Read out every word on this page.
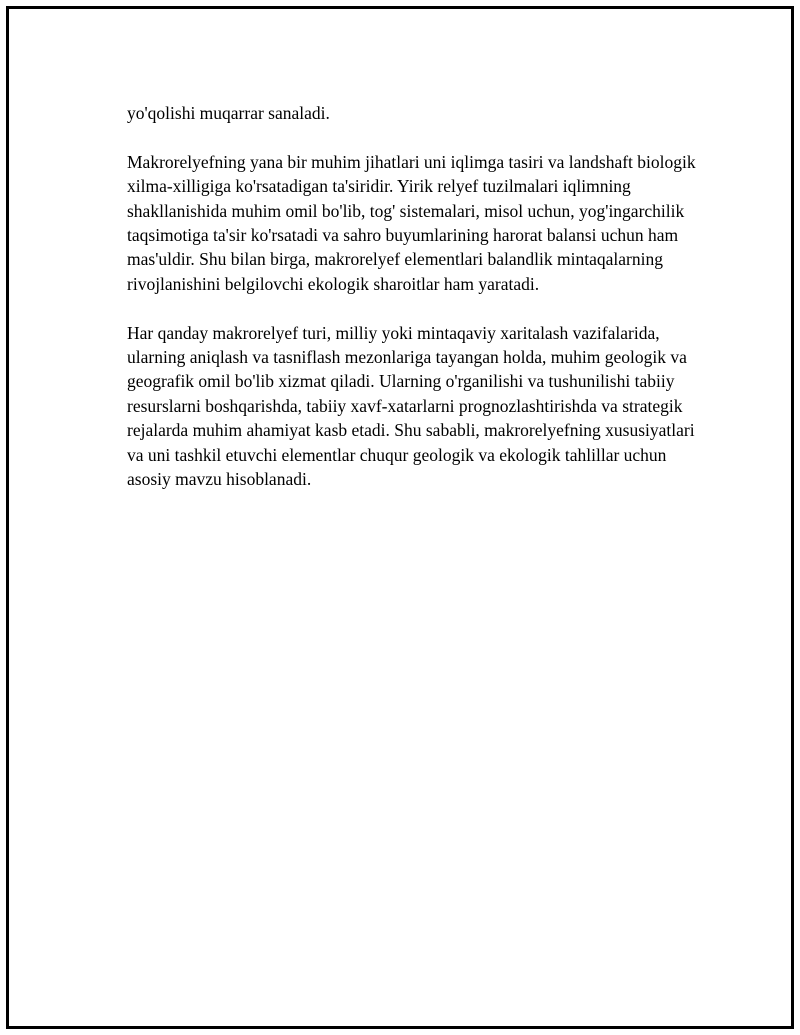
yo'qolishi muqarrar sanaladi.

Makrorelyefning yana bir muhim jihatlari uni iqlimga tasiri va landshaft biologik xilma-xilligiga ko'rsatadigan ta'siridir. Yirik relyef tuzilmalari iqlimning shakllanishida muhim omil bo'lib, tog' sistemalari, misol uchun, yog'ingarchilik taqsimotiga ta'sir ko'rsatadi va sahro buyumlarining harorat balansi uchun ham mas'uldir. Shu bilan birga, makrorelyef elementlari balandlik mintaqalarning rivojlanishini belgilovchi ekologik sharoitlar ham yaratadi.

Har qanday makrorelyef turi, milliy yoki mintaqaviy xaritalash vazifalarida, ularning aniqlash va tasniflash mezonlariga tayangan holda, muhim geologik va geografik omil bo'lib xizmat qiladi. Ularning o'rganilishi va tushunilishi tabiiy resurslarni boshqarishda, tabiiy xavf-xatarlarni prognozlashtirishda va strategik rejalarda muhim ahamiyat kasb etadi. Shu sababli, makrorelyefning xususiyatlari va uni tashkil etuvchi elementlar chuqur geologik va ekologik tahlillar uchun asosiy mavzu hisoblanadi.
